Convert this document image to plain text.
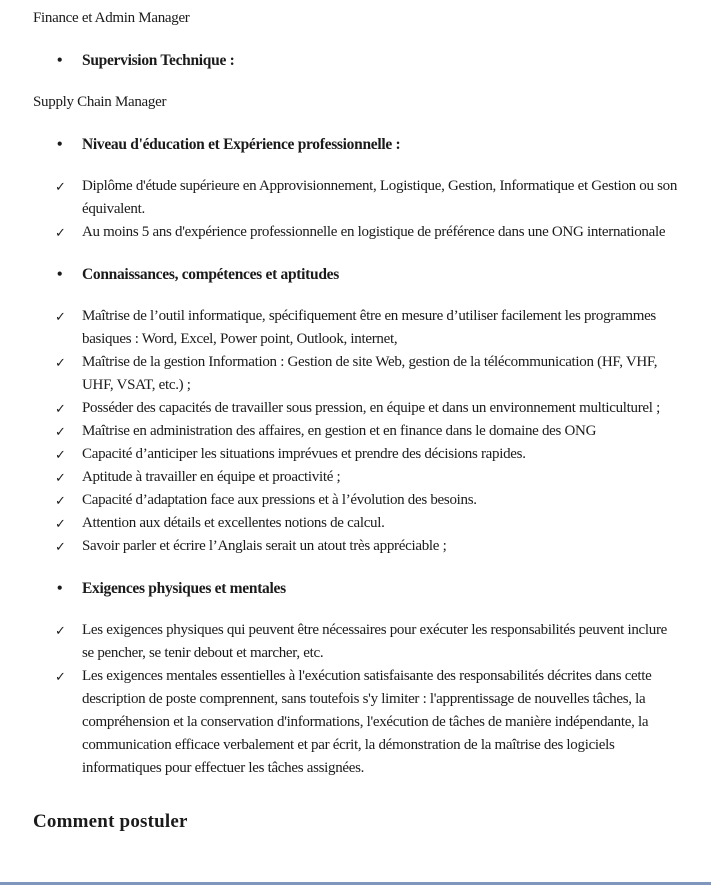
Finance et Admin Manager

• Supervision Technique :

Supply Chain Manager

• Niveau d'éducation et Expérience professionnelle :
✓ Diplôme d'étude supérieure en Approvisionnement, Logistique, Gestion, Informatique et Gestion ou son équivalent.
✓ Au moins 5 ans d'expérience professionnelle en logistique de préférence dans une ONG internationale
• Connaissances, compétences et aptitudes
✓ Maîtrise de l’outil informatique, spécifiquement être en mesure d’utiliser facilement les programmes basiques : Word, Excel, Power point, Outlook, internet,
✓ Maîtrise de la gestion Information : Gestion de site Web, gestion de la télécommunication (HF, VHF, UHF, VSAT, etc.) ;
✓ Posséder des capacités de travailler sous pression, en équipe et dans un environnement multiculturel ;
✓ Maîtrise en administration des affaires, en gestion et en finance dans le domaine des ONG
✓ Capacité d’anticiper les situations imprévues et prendre des décisions rapides.
✓ Aptitude à travailler en équipe et proactivité ;
✓ Capacité d’adaptation face aux pressions et à l’évolution des besoins.
✓ Attention aux détails et excellentes notions de calcul.
✓ Savoir parler et écrire l’Anglais serait un atout très appréciable ;
• Exigences physiques et mentales
✓ Les exigences physiques qui peuvent être nécessaires pour exécuter les responsabilités peuvent inclure se pencher, se tenir debout et marcher, etc.
✓ Les exigences mentales essentielles à l'exécution satisfaisante des responsabilités décrites dans cette description de poste comprennent, sans toutefois s'y limiter : l'apprentissage de nouvelles tâches, la compréhension et la conservation d'informations, l'exécution de tâches de manière indépendante, la communication efficace verbalement et par écrit, la démonstration de la maîtrise des logiciels informatiques pour effectuer les tâches assignées.
Comment postuler
